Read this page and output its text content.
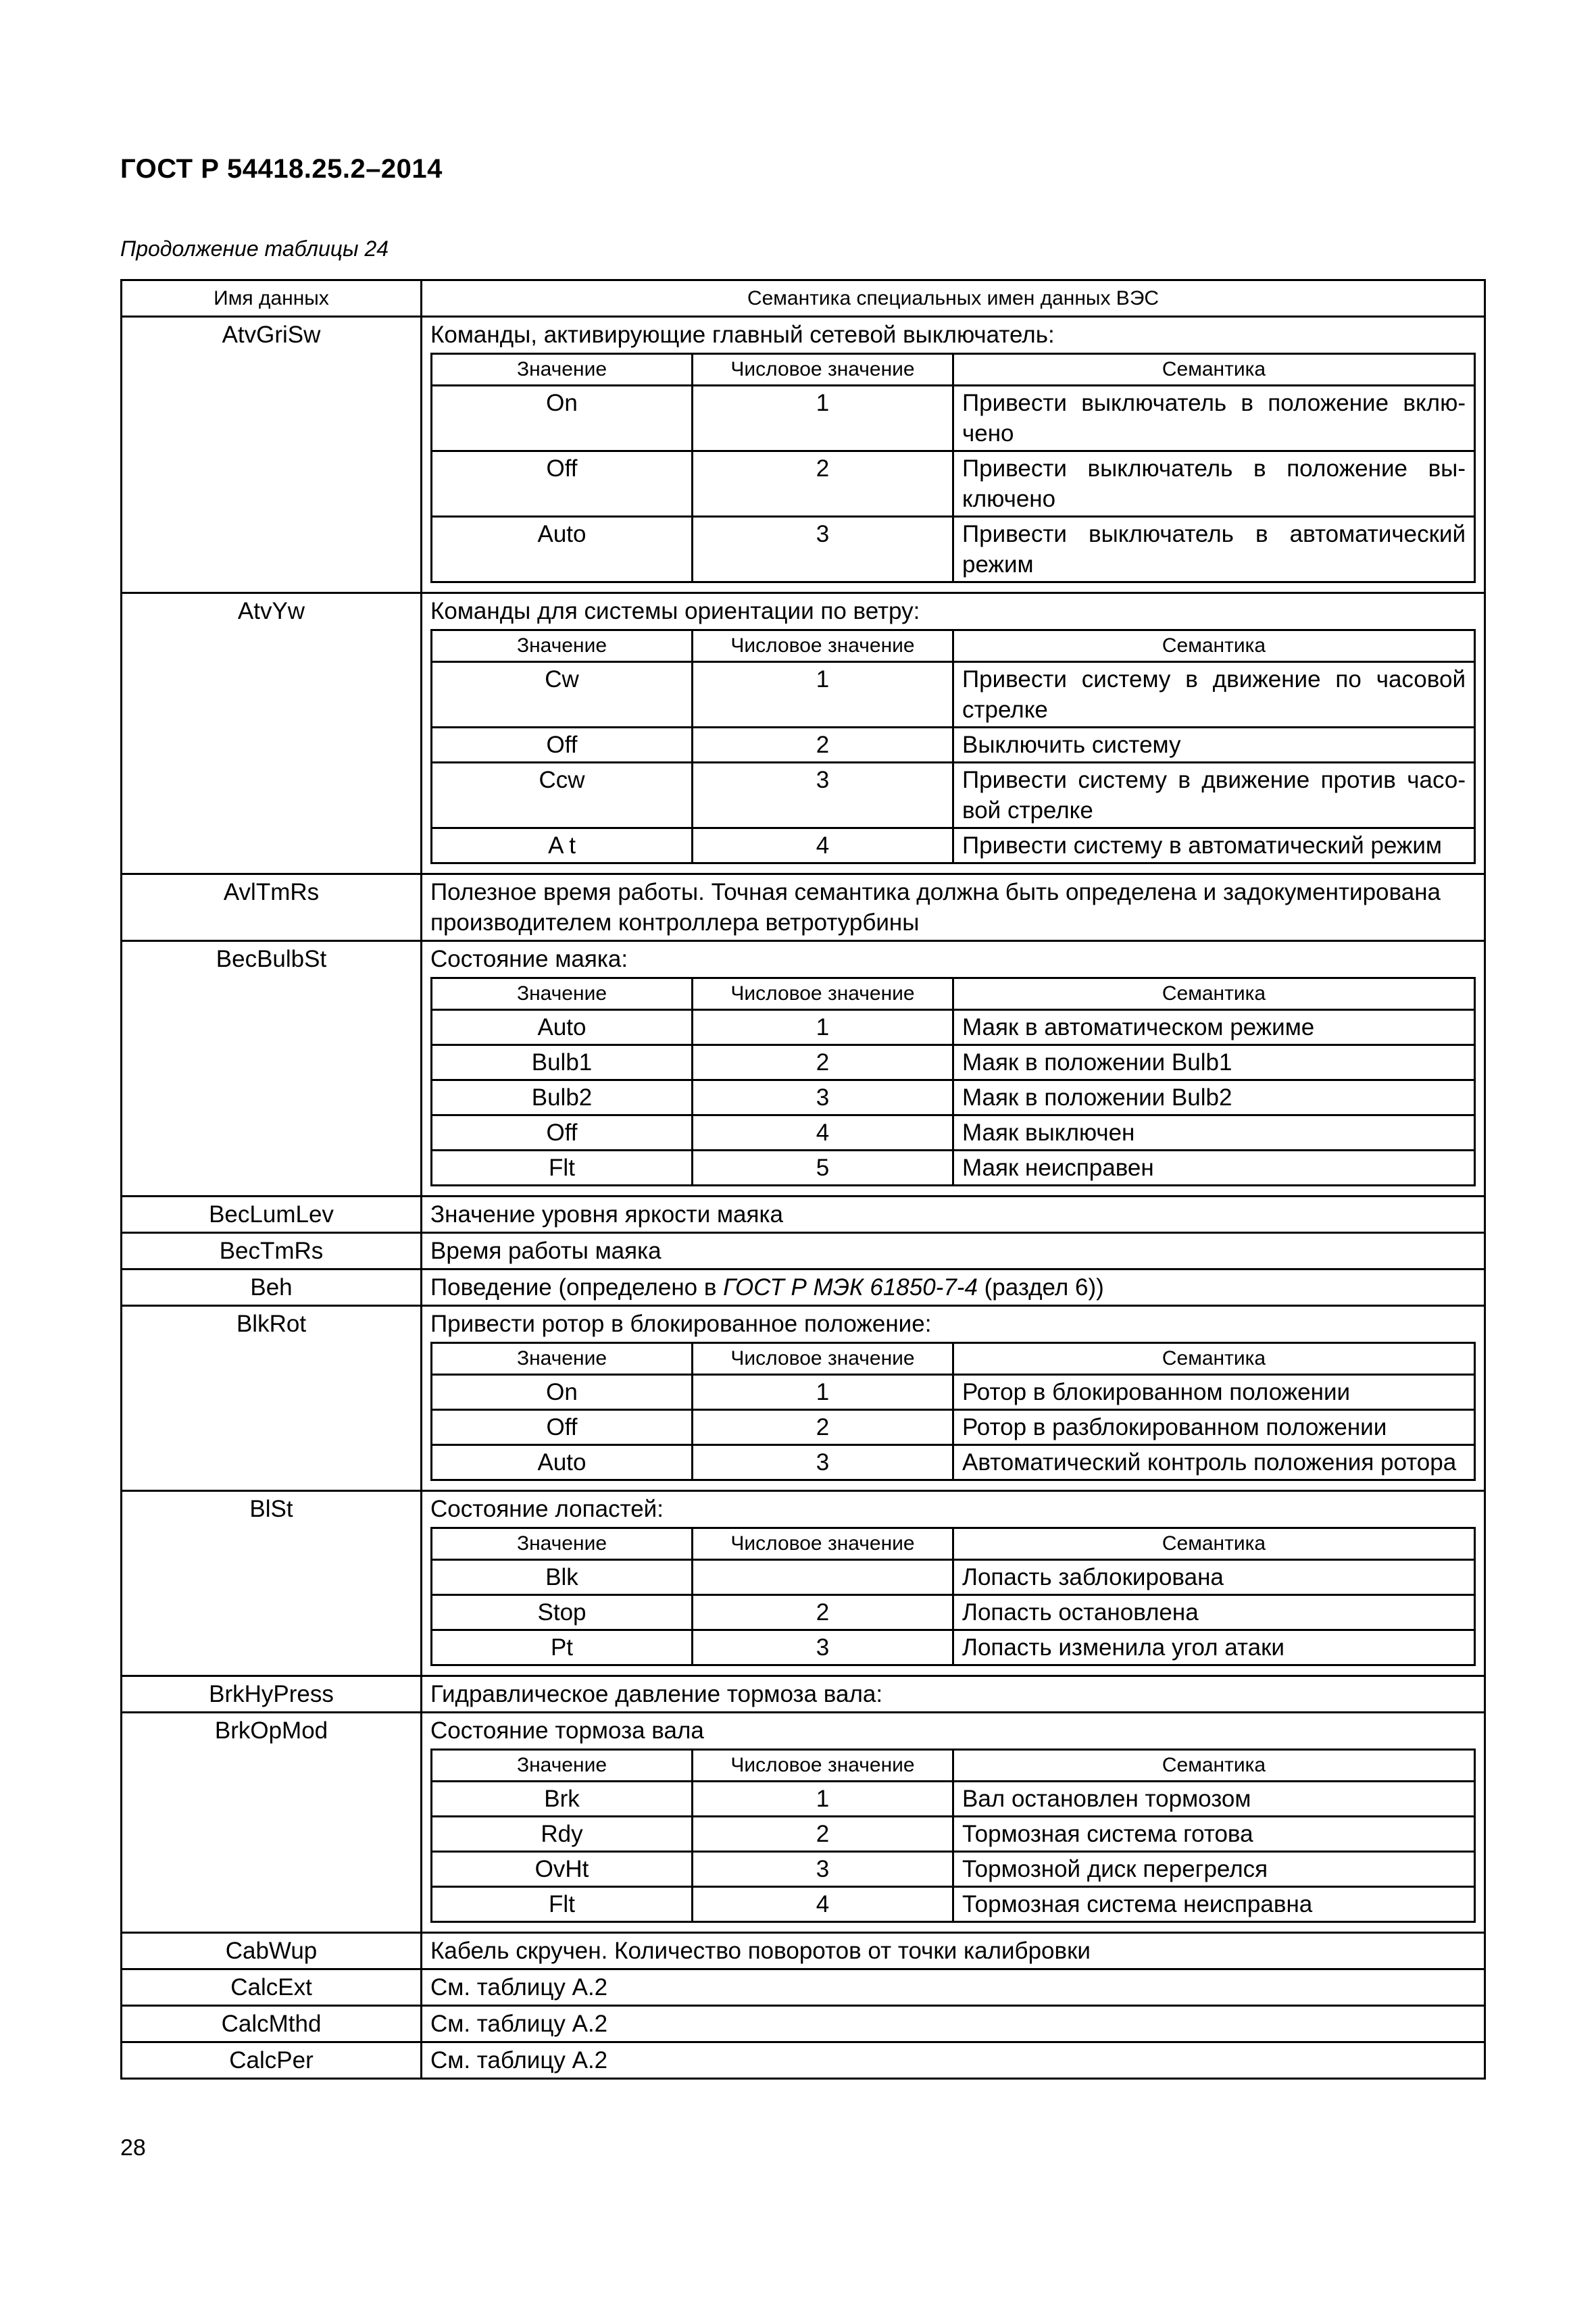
ГОСТ Р 54418.25.2–2014
Продолжение таблицы 24
Имя данных	Семантика специальных имен данных ВЭС
AtvGriSw	Команды, активирующие главный сетевой выключатель:
Значение	Числовое значение	Семантика
On	1	Привести выключатель в положение включено
Off	2	Привести выключатель в положение выключено
Auto	3	Привести выключатель в автоматический режим

AtvYw	Команды для системы ориентации по ветру:
Значение	Числовое значение	Семантика
Cw	1	Привести систему в движение по часовой стрелке
Off	2	Выключить систему
Ccw	3	Привести систему в движение против часовой стрелке
A t	4	Привести систему в автоматический режим

AvlTmRs	Полезное время работы. Точная семантика должна быть определена и задокументирована производителем контроллера ветротурбины

BecBulbSt	Состояние маяка:
Значение	Числовое значение	Семантика
Auto	1	Маяк в автоматическом режиме
Bulb1	2	Маяк в положении Bulb1
Bulb2	3	Маяк в положении Bulb2
Off	4	Маяк выключен
Flt	5	Маяк неисправен

BecLumLev	Значение уровня яркости маяка

BecTmRs	Время работы маяка

Beh	Поведение (определено в ГОСТ Р МЭК 61850-7-4 (раздел 6))

BlkRot	Привести ротор в блокированное положение:
Значение	Числовое значение	Семантика
On	1	Ротор в блокированном положении
Off	2	Ротор в разблокированном положении
Auto	3	Автоматический контроль положения ротора

BlSt	Состояние лопастей:
Значение	Числовое значение	Семантика
Blk		Лопасть заблокирована
Stop	2	Лопасть остановлена
Pt	3	Лопасть изменила угол атаки

BrkHyPress	Гидравлическое давление тормоза вала:

BrkOpMod	Состояние тормоза вала
Значение	Числовое значение	Семантика
Brk	1	Вал остановлен тормозом
Rdy	2	Тормозная система готова
OvHt	3	Тормозной диск перегрелся
Flt	4	Тормозная система неисправна

CabWup	Кабель скручен. Количество поворотов от точки калибровки

CalcExt	См. таблицу А.2

CalcMthd	См. таблицу А.2

CalcPer	См. таблицу А.2
28
